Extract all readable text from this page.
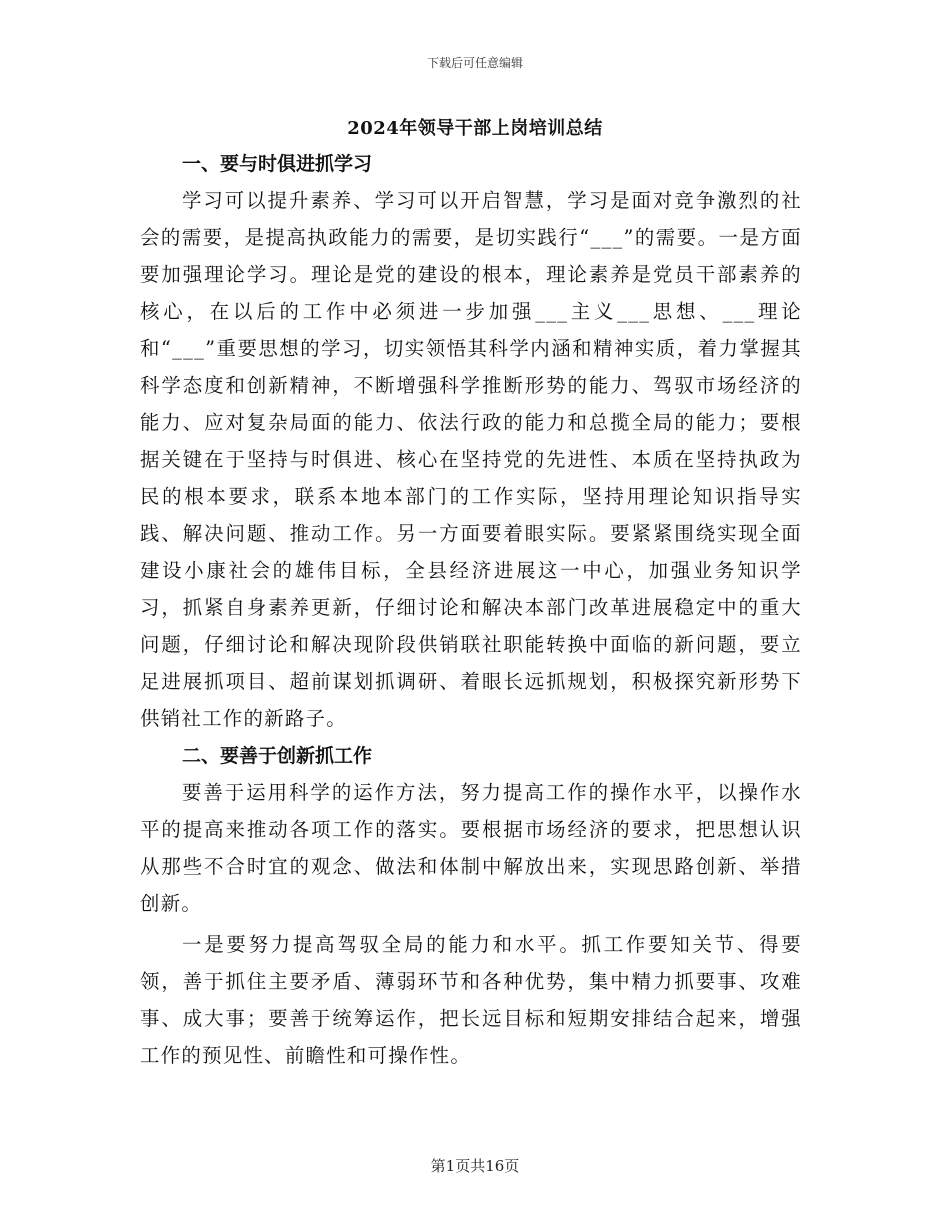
下载后可任意编辑
2024年领导干部上岗培训总结
一、要与时俱进抓学习

学习可以提升素养、学习可以开启智慧，学习是面对竞争激烈的社会的需要，是提高执政能力的需要，是切实践行“___”的需要。一是方面要加强理论学习。理论是党的建设的根本，理论素养是党员干部素养的核心，在以后的工作中必须进一步加强___主义___思想、___理论和“___”重要思想的学习，切实领悟其科学内涵和精神实质，着力掌握其科学态度和创新精神，不断增强科学推断形势的能力、驾驭市场经济的能力、应对复杂局面的能力、依法行政的能力和总揽全局的能力；要根据关键在于坚持与时俱进、核心在坚持党的先进性、本质在坚持执政为民的根本要求，联系本地本部门的工作实际，坚持用理论知识指导实践、解决问题、推动工作。另一方面要着眼实际。要紧紧围绕实现全面建设小康社会的雄伟目标，全县经济进展这一中心，加强业务知识学习，抓紧自身素养更新，仔细讨论和解决本部门改革进展稳定中的重大问题，仔细讨论和解决现阶段供销联社职能转换中面临的新问题，要立足进展抓项目、超前谋划抓调研、着眼长远抓规划，积极探究新形势下供销社工作的新路子。

二、要善于创新抓工作

要善于运用科学的运作方法，努力提高工作的操作水平，以操作水平的提高来推动各项工作的落实。要根据市场经济的要求，把思想认识从那些不合时宜的观念、做法和体制中解放出来，实现思路创新、举措创新。

一是要努力提高驾驭全局的能力和水平。抓工作要知关节、得要领，善于抓住主要矛盾、薄弱环节和各种优势，集中精力抓要事、攻难事、成大事；要善于统筹运作，把长远目标和短期安排结合起来，增强工作的预见性、前瞻性和可操作性。

第1页共16页
